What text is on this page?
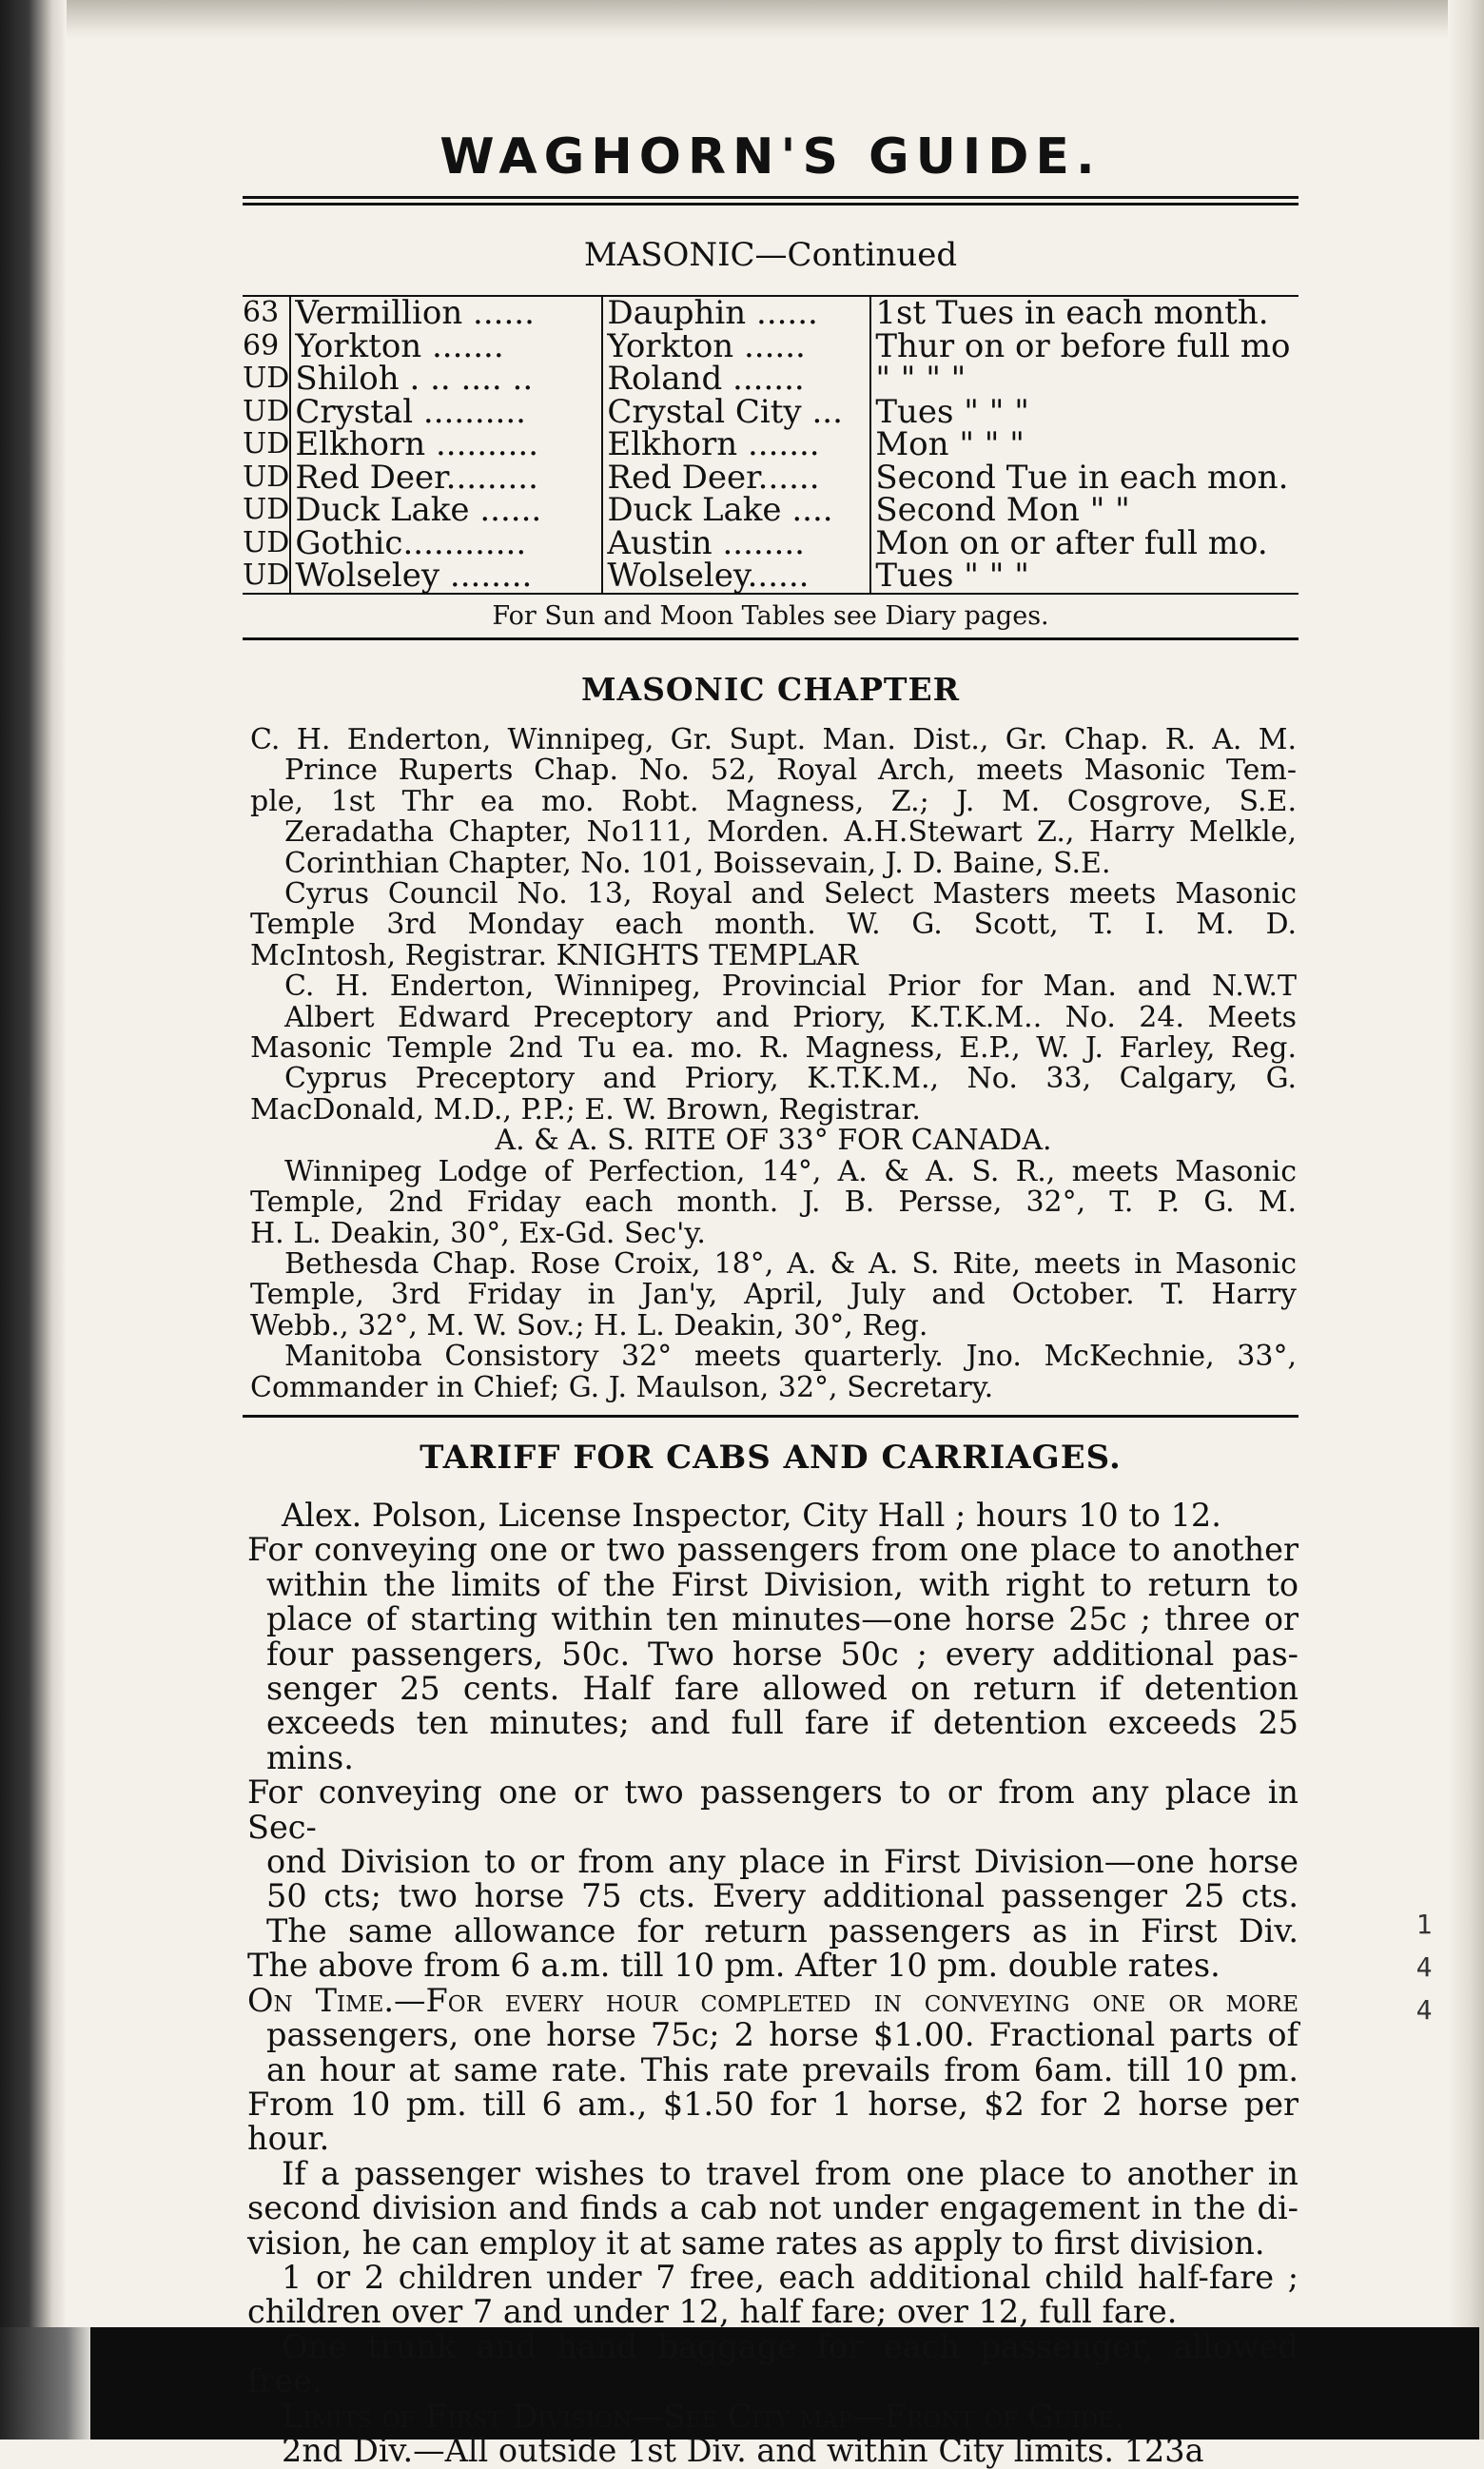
1
4
4
WAGHORN'S GUIDE.
MASONIC—Continued
63	Vermillion ......	Dauphin ......	1st Tues in each month.
69	Yorkton .......	Yorkton ......	Thur on or before full mo
UD	Shiloh . .. .... ..	Roland .......	" " " "
UD	Crystal ..........	Crystal City ...	Tues " " "
UD	Elkhorn ..........	Elkhorn .......	Mon " " "
UD	Red Deer.........	Red Deer......	Second Tue in each mon.
UD	Duck Lake ......	Duck Lake ....	Second Mon " "
UD	Gothic............	Austin ........	Mon on or after full mo.
UD	Wolseley ........	Wolseley......	Tues " " "
For Sun and Moon Tables see Diary pages.
MASONIC CHAPTER

C. H. Enderton, Winnipeg, Gr. Supt. Man. Dist., Gr. Chap. R. A. M.

Prince Ruperts Chap. No. 52, Royal Arch, meets Masonic Tem-

ple, 1st Thr ea mo. Robt. Magness, Z.; J. M. Cosgrove, S.E.

Zeradatha Chapter, No111, Morden. A.H.Stewart Z., Harry Melkle,

Corinthian Chapter, No. 101, Boissevain, J. D. Baine, S.E.

Cyrus Council No. 13, Royal and Select Masters meets Masonic

Temple 3rd Monday each month. W. G. Scott, T. I. M. D.

McIntosh, Registrar. KNIGHTS TEMPLAR

C. H. Enderton, Winnipeg, Provincial Prior for Man. and N.W.T

Albert Edward Preceptory and Priory, K.T.K.M.. No. 24. Meets

Masonic Temple 2nd Tu ea. mo. R. Magness, E.P., W. J. Farley, Reg.

Cyprus Preceptory and Priory, K.T.K.M., No. 33, Calgary, G.

MacDonald, M.D., P.P.; E. W. Brown, Registrar.

A. & A. S. RITE OF 33° FOR CANADA.

Winnipeg Lodge of Perfection, 14°, A. & A. S. R., meets Masonic

Temple, 2nd Friday each month. J. B. Persse, 32°, T. P. G. M.

H. L. Deakin, 30°, Ex-Gd. Sec'y.

Bethesda Chap. Rose Croix, 18°, A. & A. S. Rite, meets in Masonic

Temple, 3rd Friday in Jan'y, April, July and October. T. Harry

Webb., 32°, M. W. Sov.; H. L. Deakin, 30°, Reg.

Manitoba Consistory 32° meets quarterly. Jno. McKechnie, 33°,

Commander in Chief; G. J. Maulson, 32°, Secretary.

TARIFF FOR CABS AND CARRIAGES.

Alex. Polson, License Inspector, City Hall ; hours 10 to 12.

For conveying one or two passengers from one place to another

within the limits of the First Division, with right to return to

place of starting within ten minutes—one horse 25c ; three or

four passengers, 50c. Two horse 50c ; every additional pas-

senger 25 cents. Half fare allowed on return if detention

exceeds ten minutes; and full fare if detention exceeds 25 mins.

For conveying one or two passengers to or from any place in Sec-

ond Division to or from any place in First Division—one horse

50 cts; two horse 75 cts. Every additional passenger 25 cts.

The same allowance for return passengers as in First Div.

The above from 6 a.m. till 10 pm. After 10 pm. double rates.

On Time.—For every hour completed in conveying one or more

passengers, one horse 75c; 2 horse $1.00. Fractional parts of

an hour at same rate. This rate prevails from 6am. till 10 pm.

From 10 pm. till 6 am., $1.50 for 1 horse, $2 for 2 horse per hour.

If a passenger wishes to travel from one place to another in

second division and finds a cab not under engagement in the di-

vision, he can employ it at same rates as apply to first division.

1 or 2 children under 7 free, each additional child half-fare ;

children over 7 and under 12, half fare; over 12, full fare.

One trunk and hand baggage for each passenger, allowed free.

Limits of First Division—See City map—Front of Guide.

2nd Div.—All outside 1st Div. and within City limits. 123a
